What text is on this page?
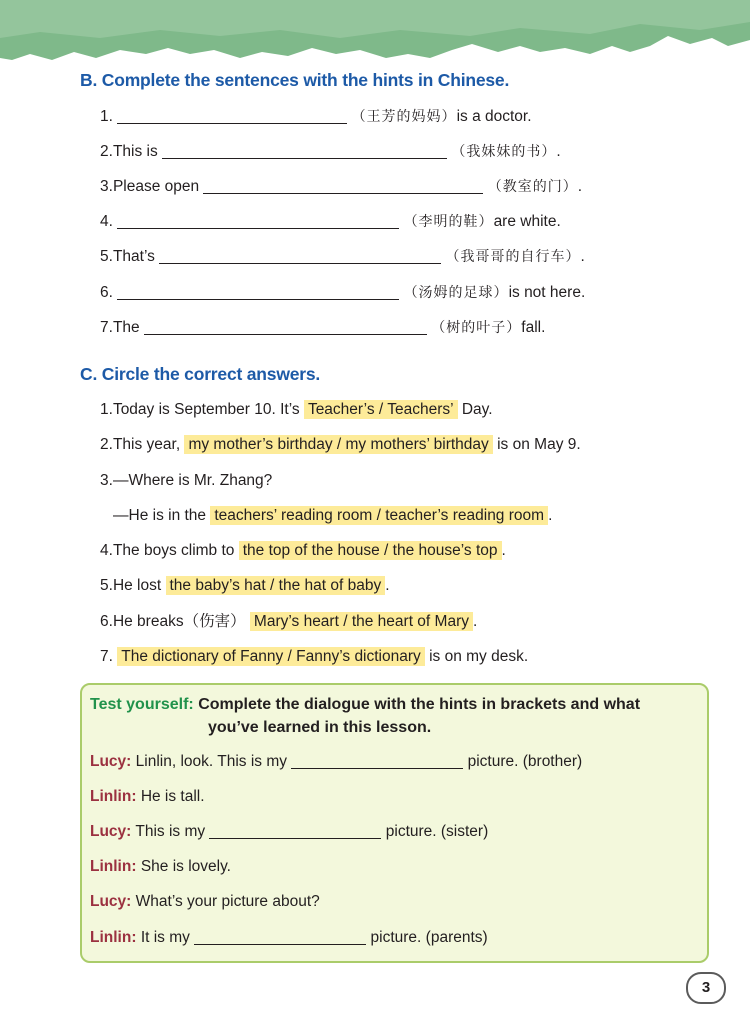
B. Complete the sentences with the hints in Chinese.
1.	（王芳的妈妈）is a doctor.
2.This is	（我妹妹的书）.
3.Please open	（教室的门）.
4.	（李明的鞋）are white.
5.That’s	（我哥哥的自行车）.
6.	（汤姆的足球）is not here.
7.The	（树的叶子）fall.
C. Circle the correct answers.
1.Today is September 10. It’s Teacher’s / Teachers’ Day.
2.This year, my mother’s birthday / my mothers’ birthday is on May 9.
3.—Where is Mr. Zhang?
—He is in the teachers’ reading room / teacher’s reading room .
4.The boys climb to the top of the house / the house’s top .
5.He lost the baby’s hat / the hat of baby .
6.He breaks（伤害） Mary’s heart / the heart of Mary .
7. The dictionary of Fanny / Fanny’s dictionary is on my desk.
Test yourself: Complete the dialogue with the hints in brackets and what
you’ve learned in this lesson.
Lucy: Linlin, look. This is my	picture. (brother)
Linlin: He is tall.
Lucy: This is my	picture. (sister)
Linlin: She is lovely.
Lucy: What’s your picture about?
Linlin: It is my	picture. (parents)
3
